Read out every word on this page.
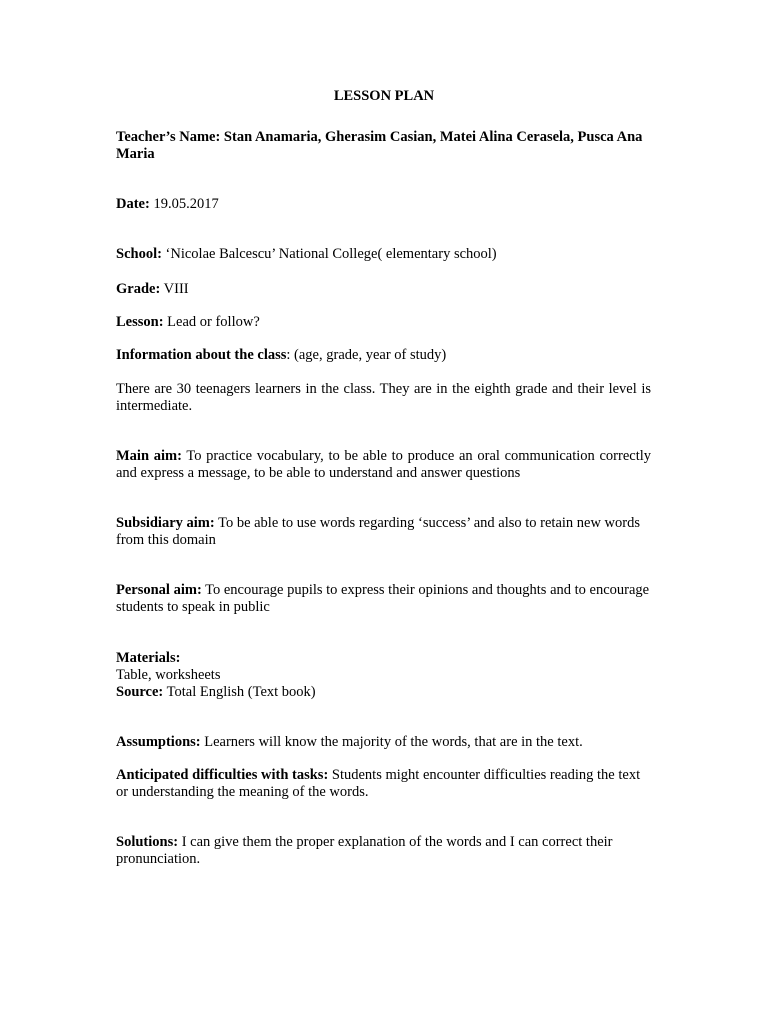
LESSON PLAN
Teacher’s Name: Stan Anamaria, Gherasim Casian, Matei Alina Cerasela, Pusca Ana Maria
Date: 19.05.2017
School: ‘Nicolae Balcescu’ National College( elementary school)
Grade: VIII
Lesson: Lead or follow?
Information about the class: (age, grade, year of study)
There are 30 teenagers learners in the class. They are in the eighth grade and their level is intermediate.
Main aim: To practice vocabulary, to be able to produce an oral communication correctly and express a message, to be able to understand and answer questions
Subsidiary aim: To be able to use words regarding ‘success’ and also to retain new words from this domain
Personal aim: To encourage pupils to express their opinions and thoughts and to encourage students to speak in public
Materials:
Table, worksheets
Source: Total English (Text book)
Assumptions: Learners will know the majority of the words, that are in the text.
Anticipated difficulties with tasks: Students might encounter difficulties reading the text or understanding the meaning of the words.
Solutions: I can give them the proper explanation of the words and I can correct their pronunciation.
